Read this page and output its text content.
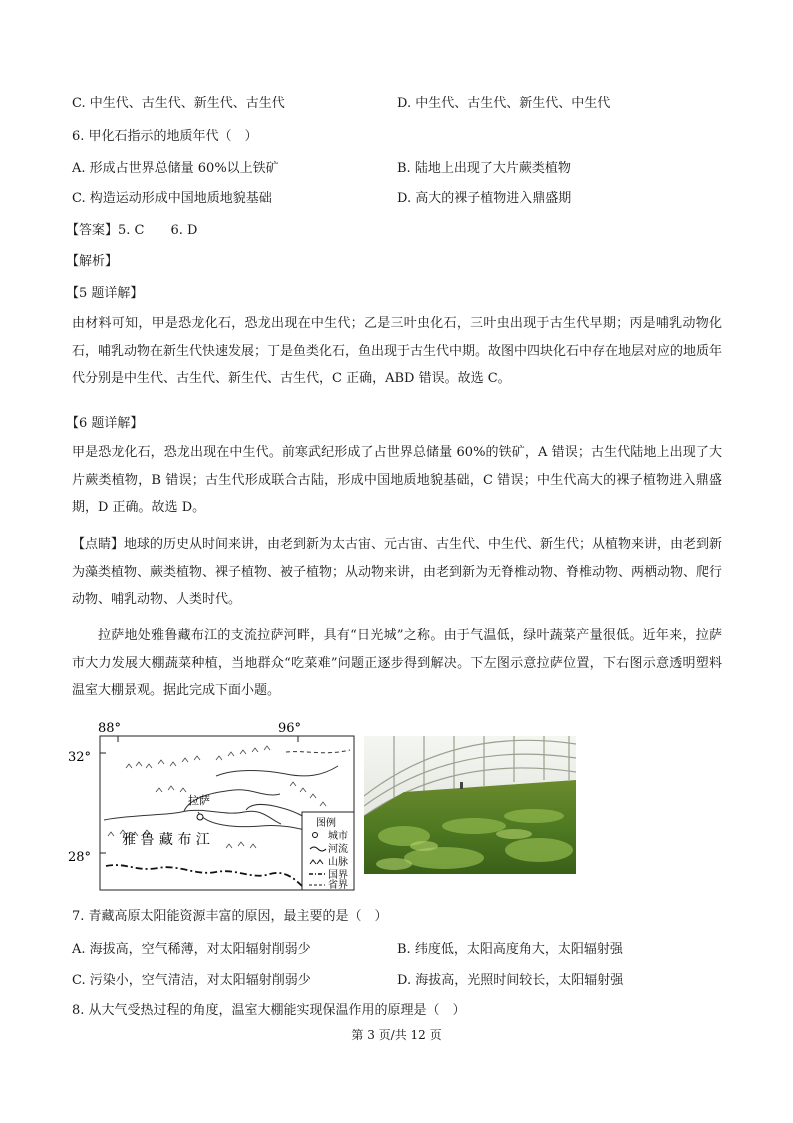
C. 中生代、古生代、新生代、古生代	D. 中生代、古生代、新生代、中生代
6. 甲化石指示的地质年代（　）
A. 形成占世界总储量 60%以上铁矿	B. 陆地上出现了大片蕨类植物
C. 构造运动形成中国地质地貌基础	D. 高大的裸子植物进入鼎盛期
【答案】5. C　　6. D
【解析】
【5 题详解】
由材料可知，甲是恐龙化石，恐龙出现在中生代；乙是三叶虫化石，三叶虫出现于古生代早期；丙是哺乳动物化石，哺乳动物在新生代快速发展；丁是鱼类化石，鱼出现于古生代中期。故图中四块化石中存在地层对应的地质年代分别是中生代、古生代、新生代、古生代，C 正确，ABD 错误。故选 C。
【6 题详解】
甲是恐龙化石，恐龙出现在中生代。前寒武纪形成了占世界总储量 60%的铁矿，A 错误；古生代陆地上出现了大片蕨类植物，B 错误；古生代形成联合古陆，形成中国地质地貌基础，C 错误；中生代高大的裸子植物进入鼎盛期，D 正确。故选 D。
【点睛】地球的历史从时间来讲，由老到新为太古宙、元古宙、古生代、中生代、新生代；从植物来讲，由老到新为藻类植物、蕨类植物、裸子植物、被子植物；从动物来讲，由老到新为无脊椎动物、脊椎动物、两栖动物、爬行动物、哺乳动物、人类时代。
拉萨地处雅鲁藏布江的支流拉萨河畔，具有“日光城”之称。由于气温低，绿叶蔬菜产量很低。近年来，拉萨市大力发展大棚蔬菜种植，当地群众“吃菜难”问题正逐步得到解决。下左图示意拉萨位置，下右图示意透明塑料温室大棚景观。据此完成下面小题。
88°	96°
32°
28°
拉萨
雅 鲁 藏 布 江
图例
城市
河流
山脉
国界
省界
7. 青藏高原太阳能资源丰富的原因，最主要的是（　）
A. 海拔高，空气稀薄，对太阳辐射削弱少	B. 纬度低，太阳高度角大，太阳辐射强
C. 污染小，空气清洁，对太阳辐射削弱少	D. 海拔高，光照时间较长，太阳辐射强
8. 从大气受热过程的角度，温室大棚能实现保温作用的原理是（　）
第 3 页/共 12 页
